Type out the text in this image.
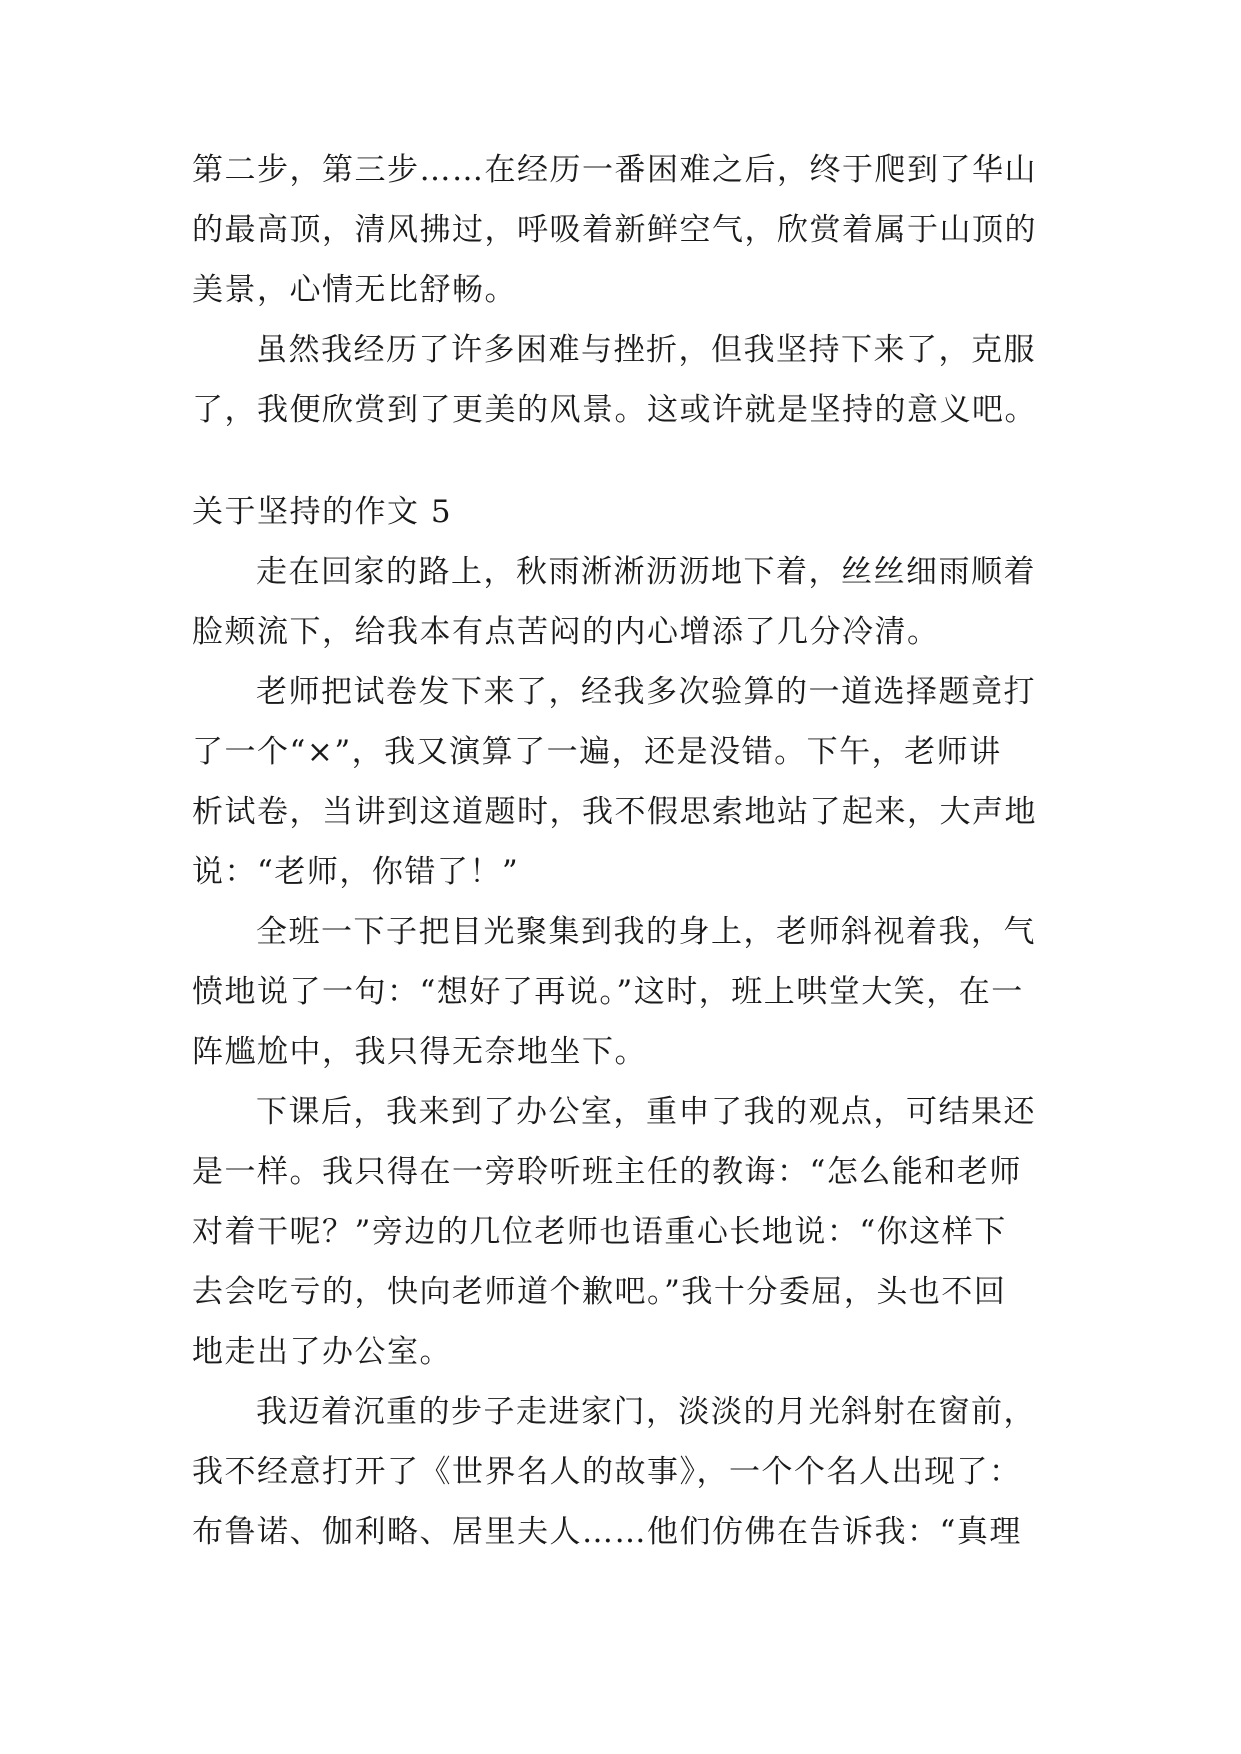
第二步，第三步……在经历一番困难之后，终于爬到了华山

的最高顶，清风拂过，呼吸着新鲜空气，欣赏着属于山顶的

美景，心情无比舒畅。

虽然我经历了许多困难与挫折，但我坚持下来了，克服

了，我便欣赏到了更美的风景。这或许就是坚持的意义吧。

关于坚持的作文 5

走在回家的路上，秋雨淅淅沥沥地下着，丝丝细雨顺着

脸颊流下，给我本有点苦闷的内心增添了几分冷清。

老师把试卷发下来了，经我多次验算的一道选择题竟打

了一个“×”，我又演算了一遍，还是没错。下午，老师讲

析试卷，当讲到这道题时，我不假思索地站了起来，大声地

说：“老师，你错了！”

全班一下子把目光聚集到我的身上，老师斜视着我，气

愤地说了一句：“想好了再说。”这时，班上哄堂大笑，在一

阵尴尬中，我只得无奈地坐下。

下课后，我来到了办公室，重申了我的观点，可结果还

是一样。我只得在一旁聆听班主任的教诲：“怎么能和老师

对着干呢？”旁边的几位老师也语重心长地说：“你这样下

去会吃亏的，快向老师道个歉吧。”我十分委屈，头也不回

地走出了办公室。

我迈着沉重的步子走进家门，淡淡的月光斜射在窗前，

我不经意打开了《世界名人的故事》，一个个名人出现了：

布鲁诺、伽利略、居里夫人……他们仿佛在告诉我：“真理
